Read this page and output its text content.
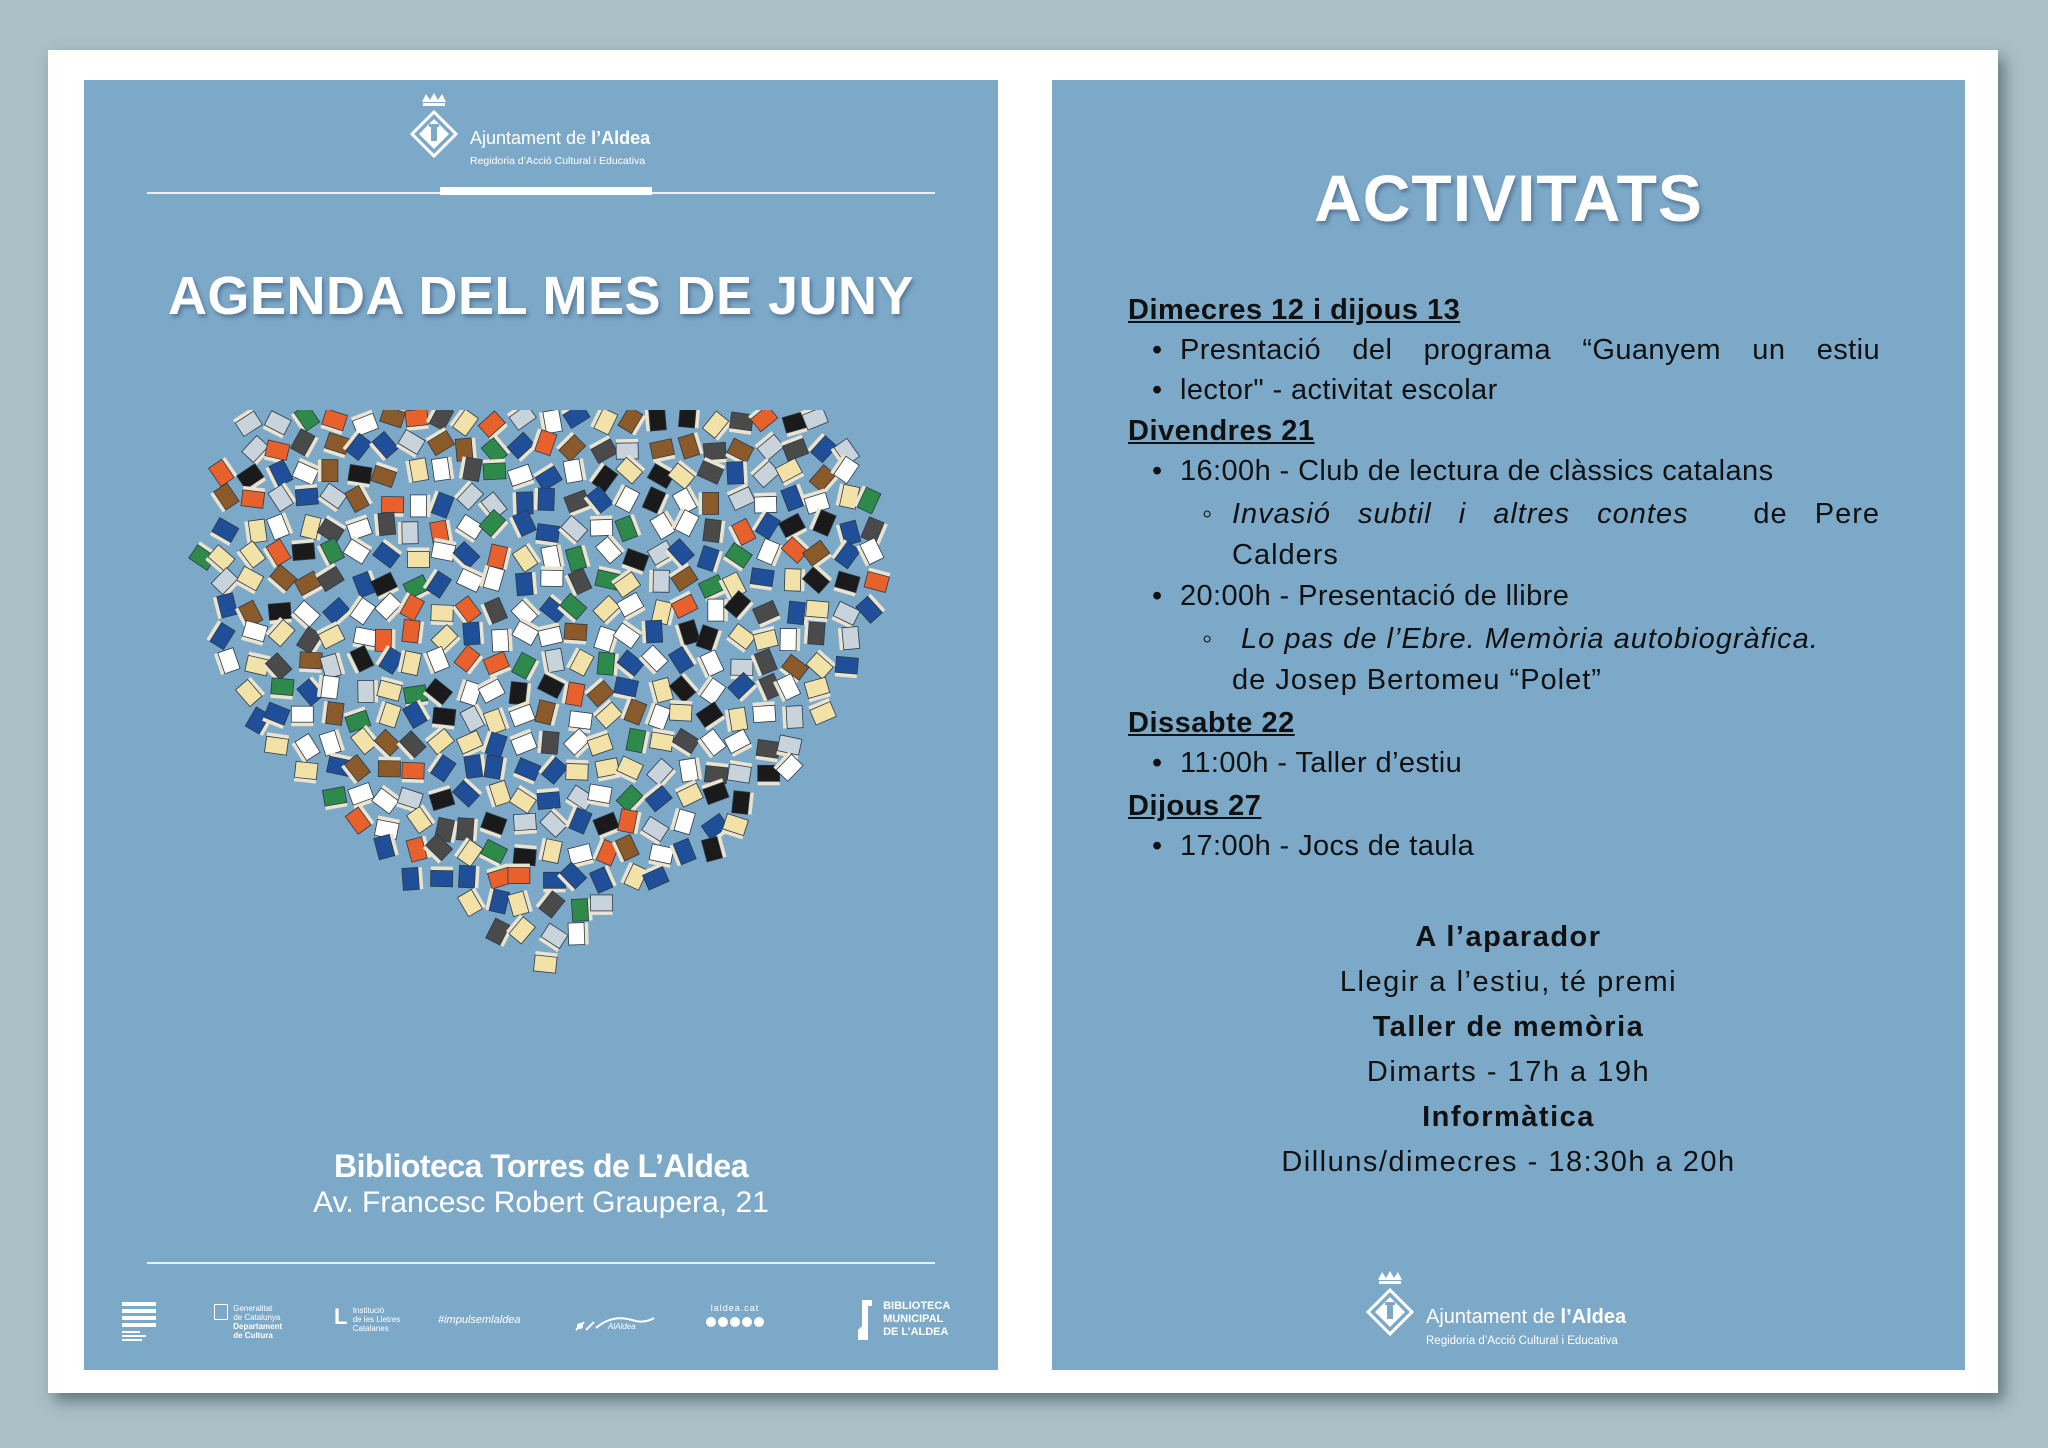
Ajuntament de l’Aldea
Regidoria d’Acció Cultural i Educativa
AGENDA DEL MES DE JUNY
Biblioteca Torres de L’Aldea
Av. Francesc Robert Graupera, 21

Generalitat
de Catalunya
Departament
de Cultura
L Institució
de les Lletres
Catalanes
#impulsemlaldea
AlAldea
laldea.cat
	BIBLIOTECA
MUNICIPAL
DE L’ALDEA
ACTIVITATS
Dimecres 12 i dijous 13
• Presntació del programa “Guanyem un estiu
• lector" - activitat escolar
Divendres 21
• 16:00h - Club de lectura de clàssics catalans
◦ Invasió subtil i altres contes de Pere
Calders
• 20:00h - Presentació de llibre
◦  Lo pas de l’Ebre. Memòria autobiogràfica.
de Josep Bertomeu “Polet”
Dissabte 22
• 11:00h - Taller d’estiu
Dijous 27
• 17:00h - Jocs de taula
A l’aparador
Llegir a l’estiu, té premi
Taller de memòria
Dimarts - 17h a 19h
Informàtica
Dilluns/dimecres - 18:30h a 20h
Ajuntament de l’Aldea
Regidoria d’Acció Cultural i Educativa
